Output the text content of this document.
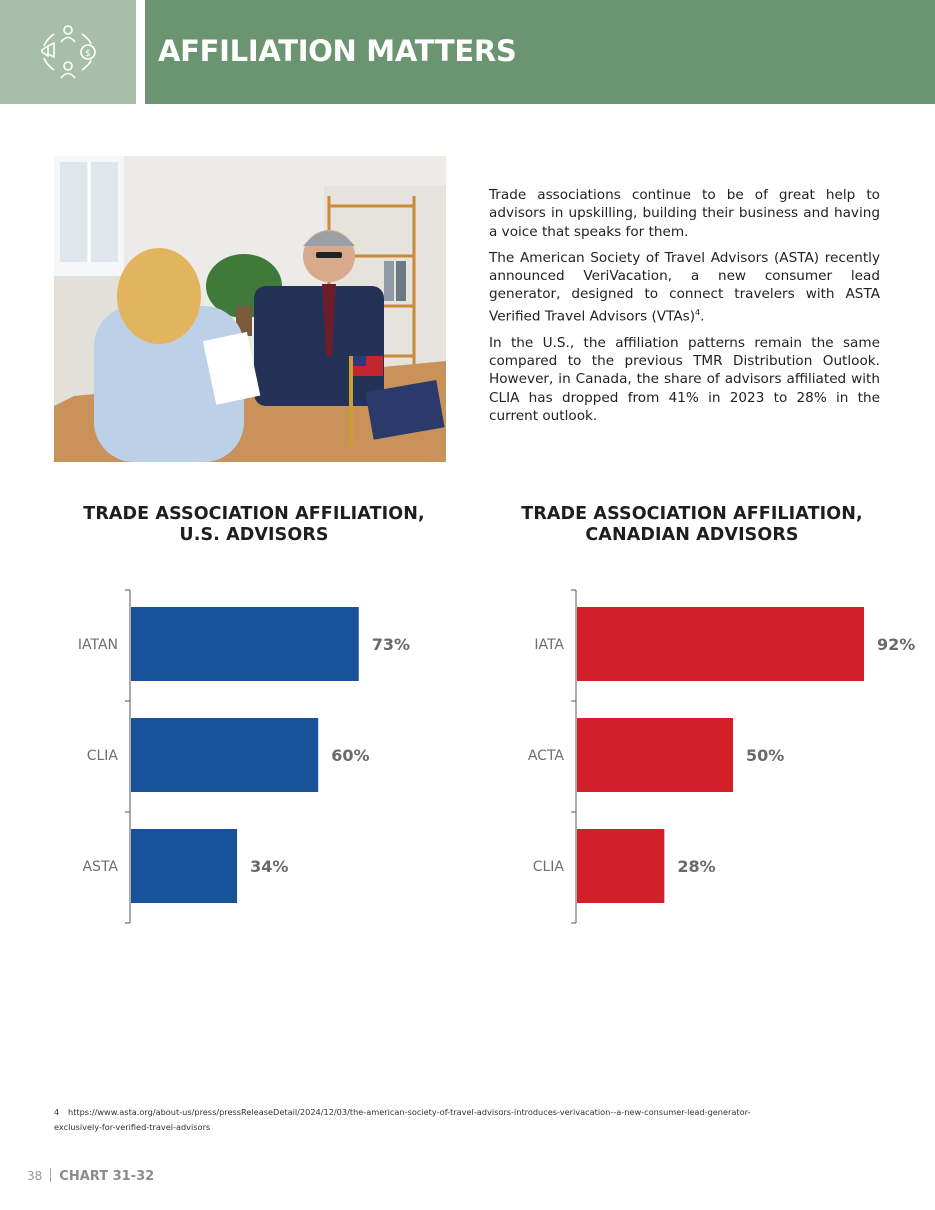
$ AFFILIATION MATTERS

Trade associations continue to be of great help to advisors in upskilling, building their business and having a voice that speaks for them.

The American Society of Travel Advisors (ASTA) recently announced VeriVacation, a new consumer lead generator, designed to connect travelers with ASTA Verified Travel Advisors (VTAs)$^4$.

In the U.S., the affiliation patterns remain the same compared to the previous TMR Distribution Outlook. However, in Canada, the share of advisors affiliated with CLIA has dropped from 41% in 2023 to 28% in the current outlook.

TRADE ASSOCIATION AFFILIATION,
U.S. ADVISORS
TRADE ASSOCIATION AFFILIATION,
CANADIAN ADVISORS
IATAN	73%
CLIA	60%
ASTA	34%
IATA	92%
ACTA	50%
CLIA	28%
4 https://www.asta.org/about-us/press/pressReleaseDetail/2024/12/03/the-american-society-of-travel-advisors-introduces-verivacation--a-new-consumer-lead-generator-
exclusively-for-verified-travel-advisors
38 CHART 31-32
